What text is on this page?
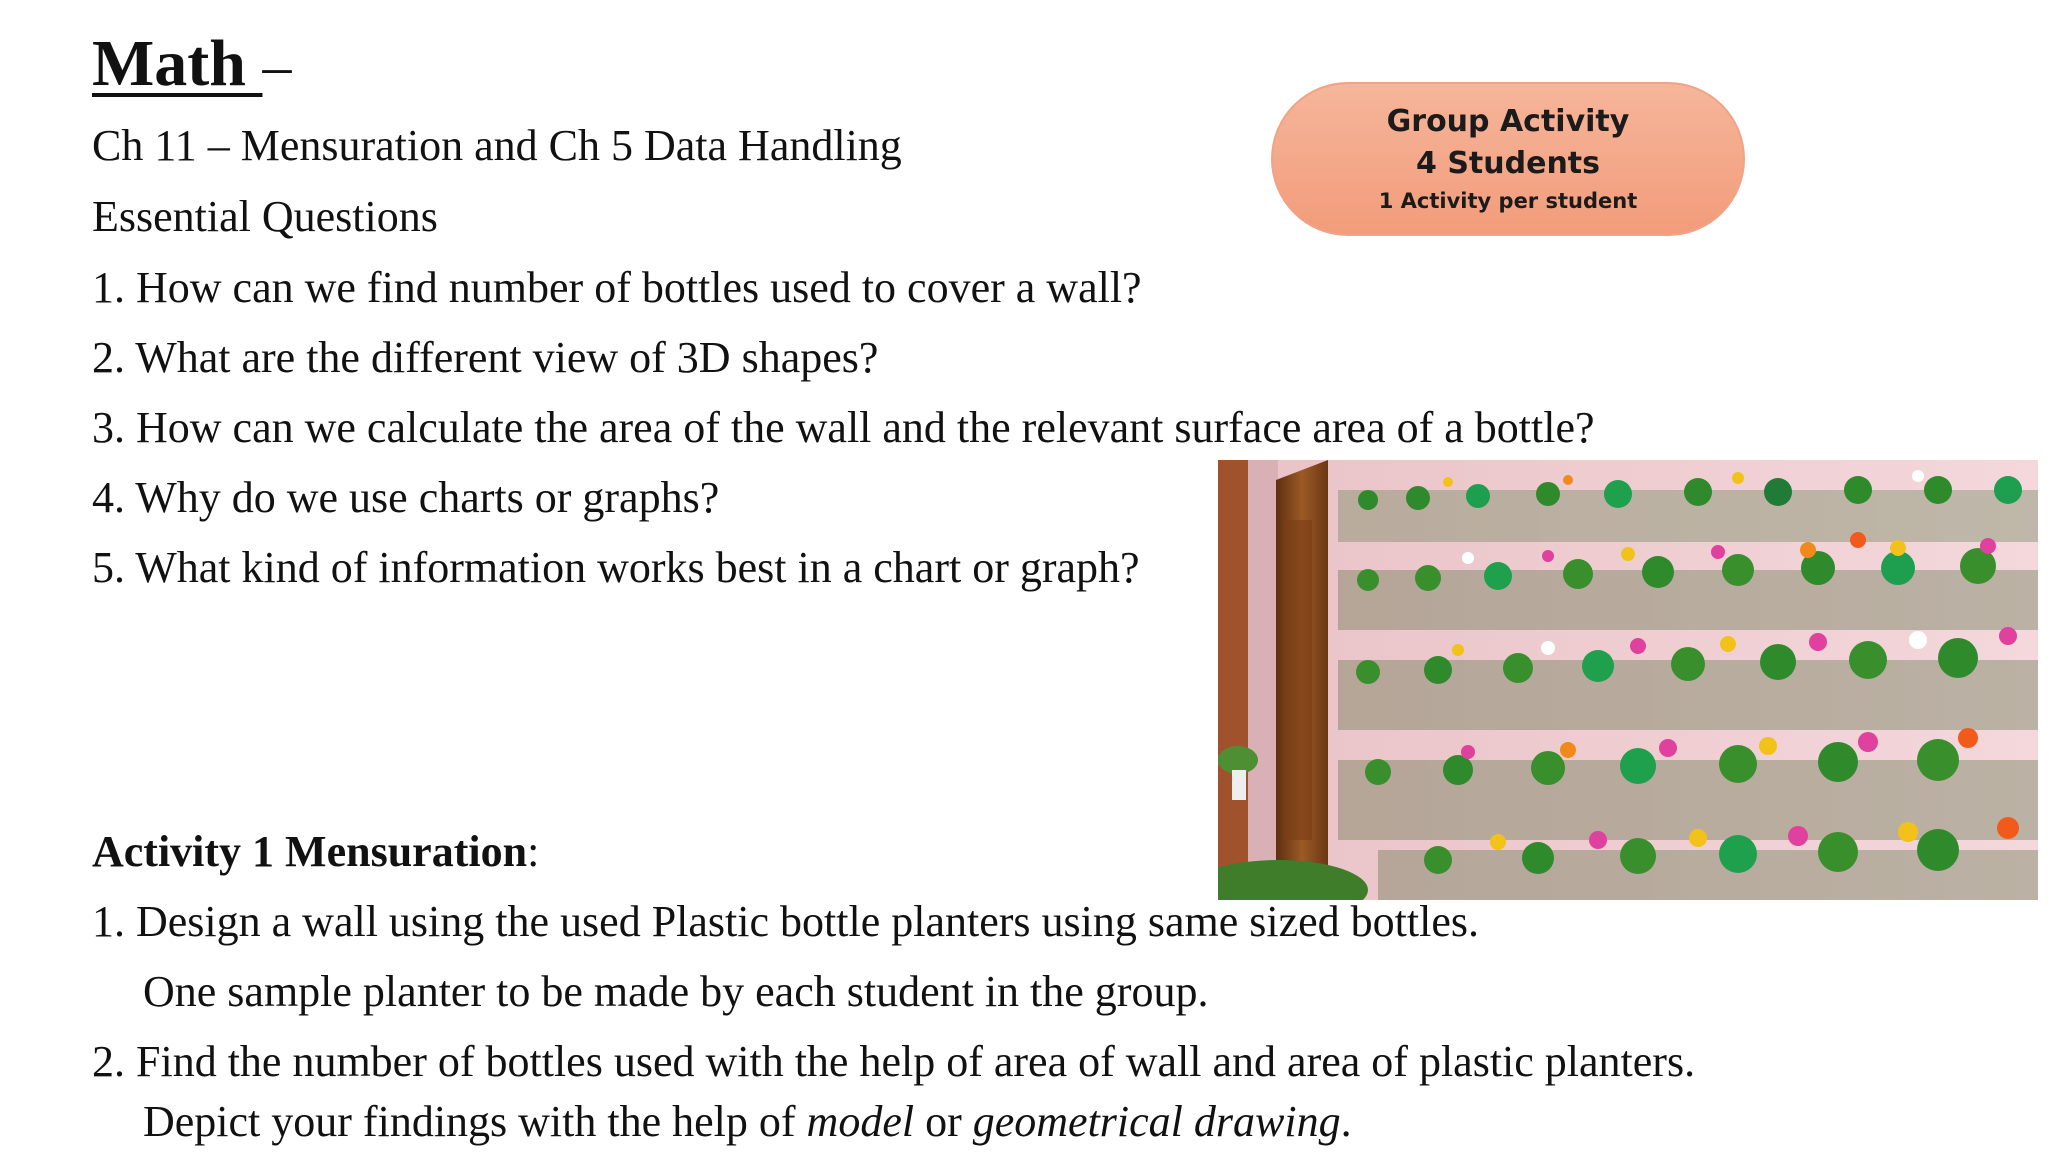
Math –
Ch 11 – Mensuration and Ch 5 Data Handling
Essential Questions
1. How can we find number of bottles used to cover a wall?
2. What are the different view of 3D shapes?
3. How can we calculate the area of the wall and the relevant surface area of a bottle?
4. Why do we use charts or graphs?
5. What kind of information works best in a chart or graph?
Group Activity
4 Students
1 Activity per student
Activity 1 Mensuration:
1. Design a wall using the used Plastic bottle planters using same sized bottles.
One sample planter to be made by each student in the group.
2. Find the number of bottles used with the help of area of wall and area of plastic planters.
Depict your findings with the help of model or geometrical drawing.
